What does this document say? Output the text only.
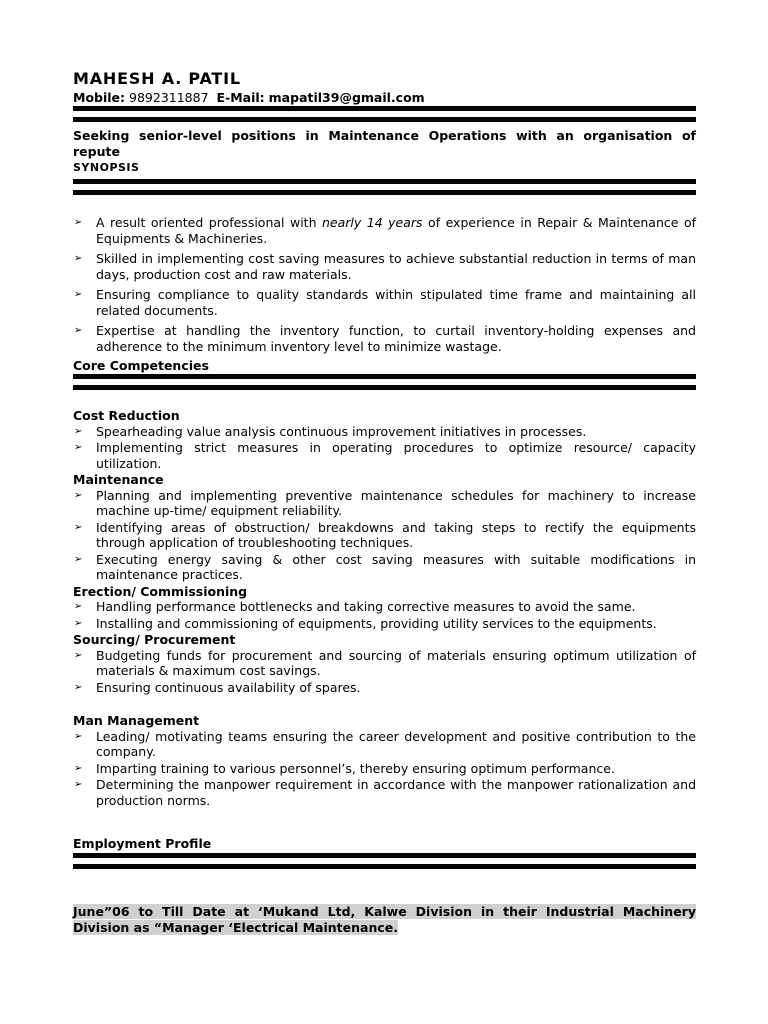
MAHESH A. PATIL
Mobile: 9892311887 E-Mail: mapatil39@gmail.com
Seeking senior-level positions in Maintenance Operations with an organisation of repute
SYNOPSIS
➢ A result oriented professional with nearly 14 years of experience in Repair & Maintenance of Equipments & Machineries.
➢ Skilled in implementing cost saving measures to achieve substantial reduction in terms of man days, production cost and raw materials.
➢ Ensuring compliance to quality standards within stipulated time frame and maintaining all related documents.
➢ Expertise at handling the inventory function, to curtail inventory-holding expenses and adherence to the minimum inventory level to minimize wastage.
Core Competencies
Cost Reduction
➢ Spearheading value analysis continuous improvement initiatives in processes.
➢ Implementing strict measures in operating procedures to optimize resource/ capacity utilization.
Maintenance
➢ Planning and implementing preventive maintenance schedules for machinery to increase machine up-time/ equipment reliability.
➢ Identifying areas of obstruction/ breakdowns and taking steps to rectify the equipments through application of troubleshooting techniques.
➢ Executing energy saving & other cost saving measures with suitable modifications in maintenance practices.
Erection/ Commissioning
➢ Handling performance bottlenecks and taking corrective measures to avoid the same.
➢ Installing and commissioning of equipments, providing utility services to the equipments.
Sourcing/ Procurement
➢ Budgeting funds for procurement and sourcing of materials ensuring optimum utilization of materials & maximum cost savings.
➢ Ensuring continuous availability of spares.
Man Management
➢ Leading/ motivating teams ensuring the career development and positive contribution to the company.
➢ Imparting training to various personnel’s, thereby ensuring optimum performance.
➢ Determining the manpower requirement in accordance with the manpower rationalization and production norms.
Employment Profile
June”06 to Till Date at ‘Mukand Ltd, Kalwe Division in their Industrial Machinery Division as “Manager ‘Electrical Maintenance.
